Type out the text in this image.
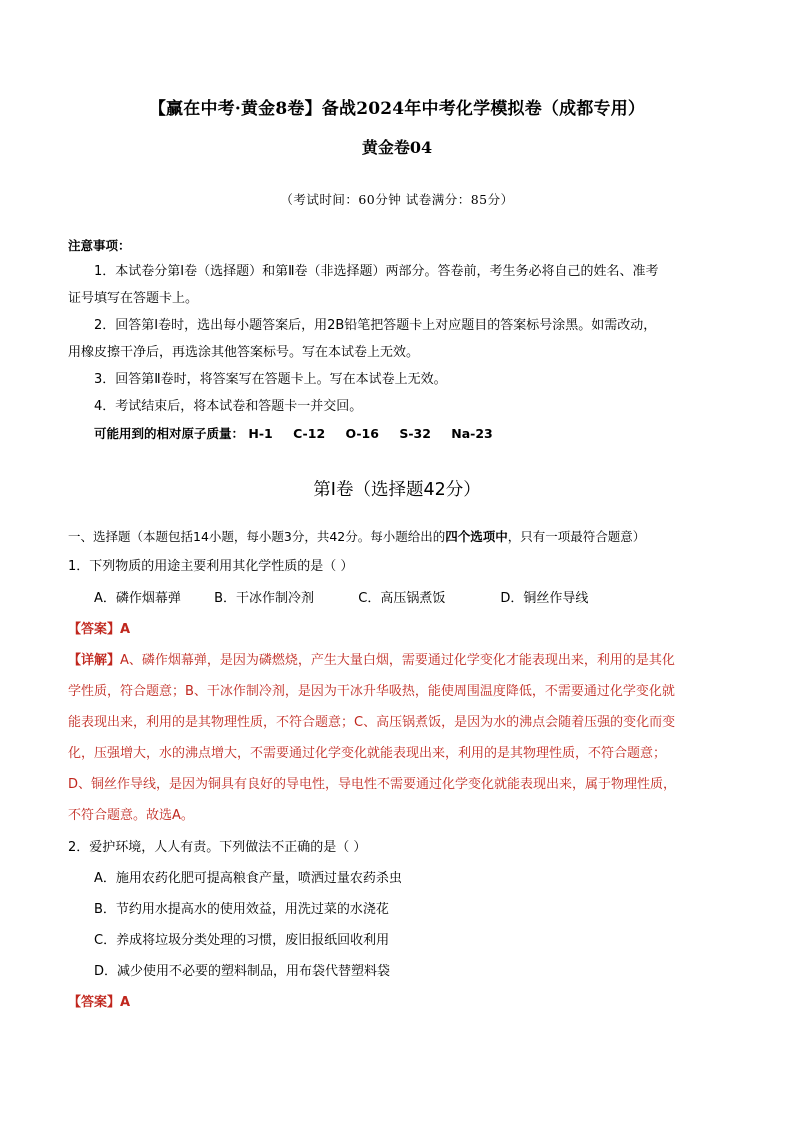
【赢在中考·黄金8卷】备战2024年中考化学模拟卷（成都专用）
黄金卷04
（考试时间：60分钟 试卷满分：85分）
注意事项：
1．本试卷分第Ⅰ卷（选择题）和第Ⅱ卷（非选择题）两部分。答卷前，考生务必将自己的姓名、准考
证号填写在答题卡上。
2．回答第Ⅰ卷时，选出每小题答案后，用2B铅笔把答题卡上对应题目的答案标号涂黑。如需改动，
用橡皮擦干净后，再选涂其他答案标号。写在本试卷上无效。
3．回答第Ⅱ卷时，将答案写在答题卡上。写在本试卷上无效。
4．考试结束后，将本试卷和答题卡一并交回。
可能用到的相对原子质量： H-1 C-12 O-16 S-32 Na-23
第Ⅰ卷（选择题42分）
一、选择题（本题包括14小题，每小题3分，共42分。每小题给出的四个选项中，只有一项最符合题意）
1．下列物质的用途主要利用其化学性质的是（ ）
A．磷作烟幕弹	B．干冰作制冷剂	C．高压锅煮饭	D．铜丝作导线
【答案】A
【详解】A、磷作烟幕弹，是因为磷燃烧，产生大量白烟，需要通过化学变化才能表现出来，利用的是其化
学性质，符合题意；B、干冰作制冷剂，是因为干冰升华吸热，能使周围温度降低，不需要通过化学变化就
能表现出来，利用的是其物理性质，不符合题意；C、高压锅煮饭，是因为水的沸点会随着压强的变化而变
化，压强增大，水的沸点增大，不需要通过化学变化就能表现出来，利用的是其物理性质，不符合题意；
D、铜丝作导线，是因为铜具有良好的导电性，导电性不需要通过化学变化就能表现出来，属于物理性质，
不符合题意。故选A。
2．爱护环境，人人有责。下列做法不正确的是（ ）
A．施用农药化肥可提高粮食产量，喷洒过量农药杀虫
B．节约用水提高水的使用效益，用洗过菜的水浇花
C．养成将垃圾分类处理的习惯，废旧报纸回收利用
D．减少使用不必要的塑料制品，用布袋代替塑料袋
【答案】A
